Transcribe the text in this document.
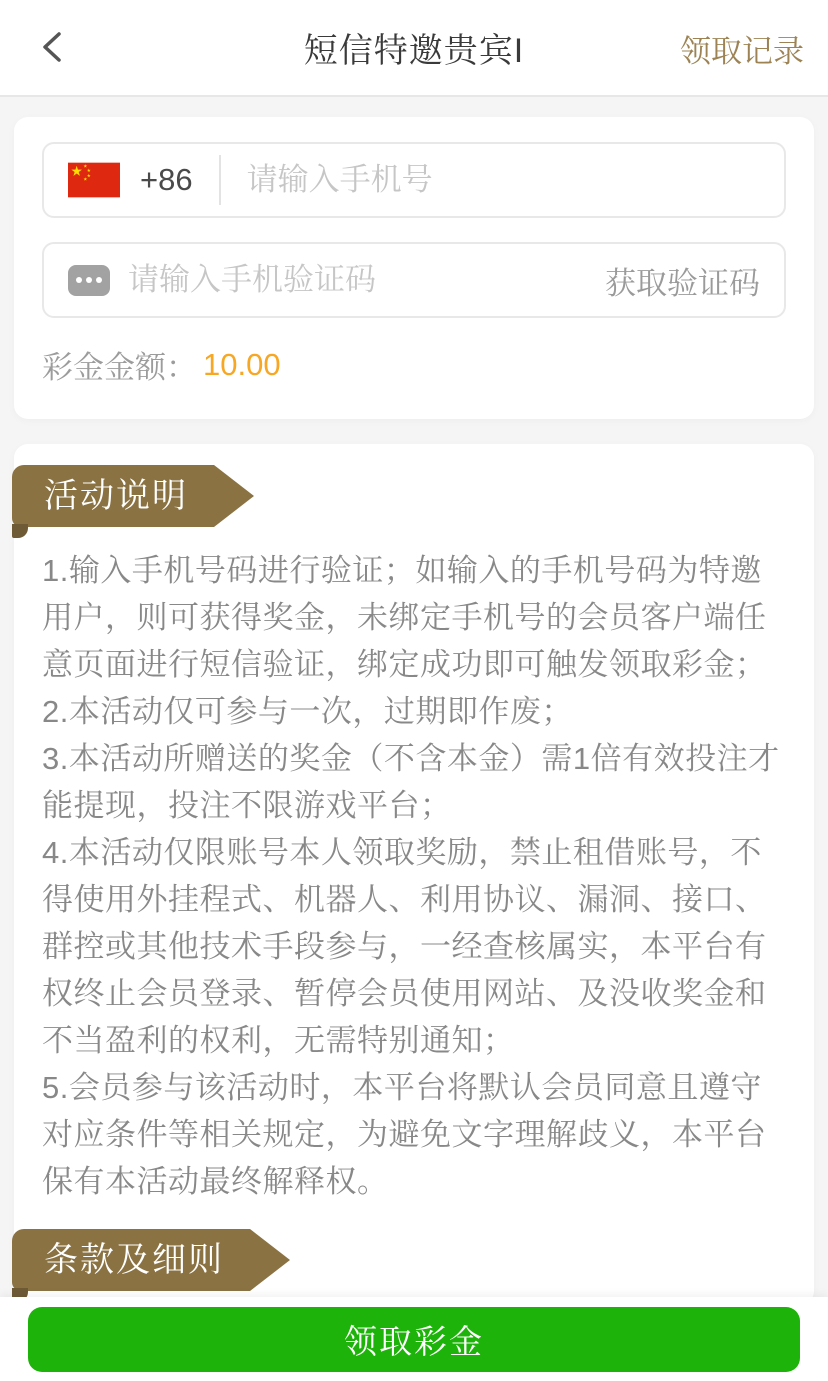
短信特邀贵宾I	领取记录
+86
请输入手机号
请输入手机验证码
获取验证码
彩金金额： 10.00
活动说明

1.输入手机号码进行验证；如输入的手机号码为特邀用户，则可获得奖金，未绑定手机号的会员客户端任意页面进行短信验证，绑定成功即可触发领取彩金；

2.本活动仅可参与一次，过期即作废；

3.本活动所赠送的奖金（不含本金）需1倍有效投注才能提现，投注不限游戏平台；

4.本活动仅限账号本人领取奖励，禁止租借账号，不得使用外挂程式、机器人、利用协议、漏洞、接口、群控或其他技术手段参与，一经查核属实，本平台有权终止会员登录、暂停会员使用网站、及没收奖金和不当盈利的权利，无需特别通知；

5.会员参与该活动时，本平台将默认会员同意且遵守对应条件等相关规定，为避免文字理解歧义，本平台保有本活动最终解释权。

条款及细则
领取彩金
